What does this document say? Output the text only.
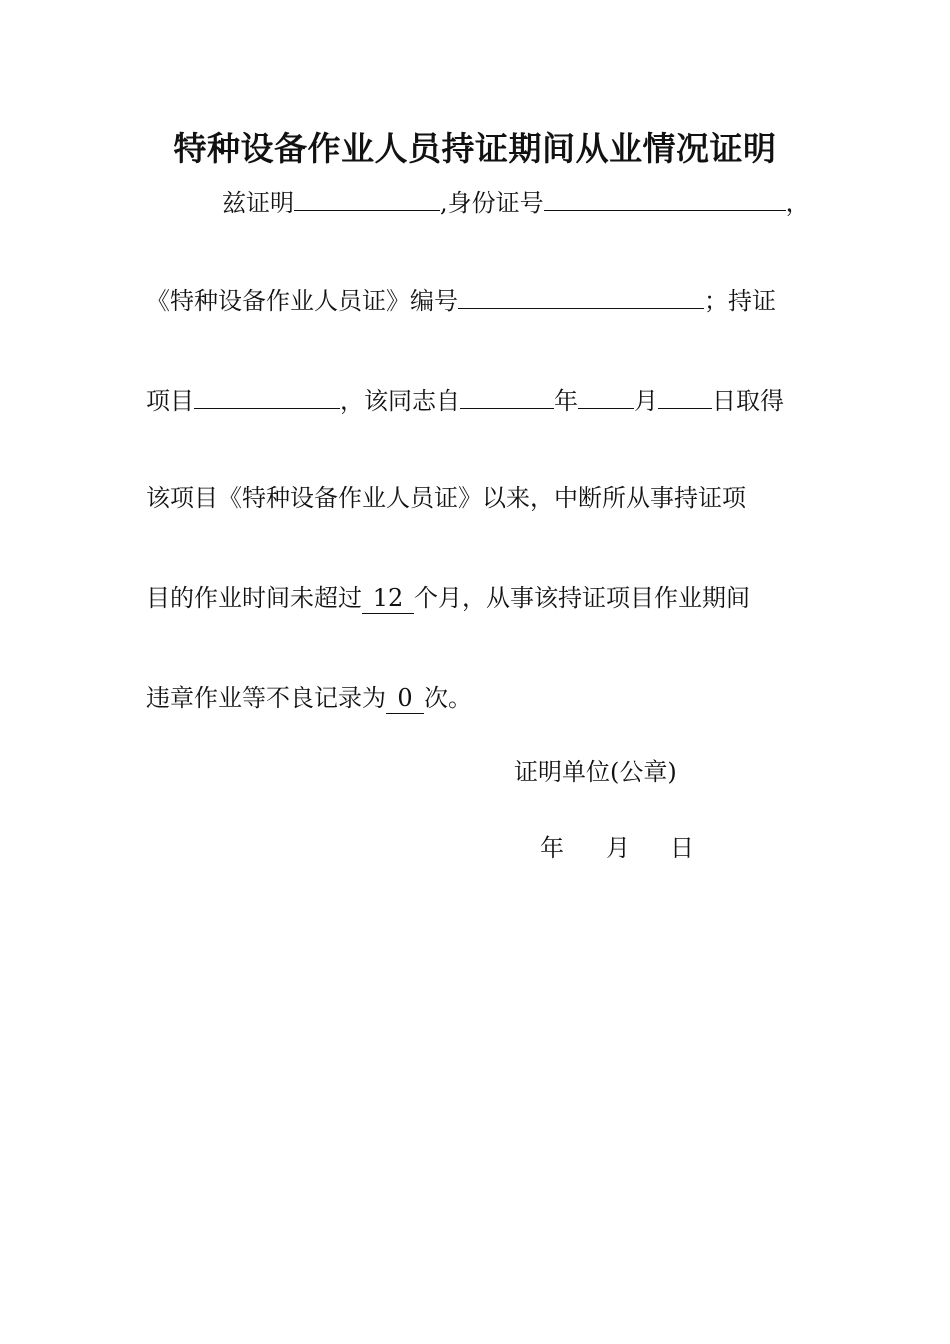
特种设备作业人员持证期间从业情况证明
兹证明	,身份证号	，
《特种设备作业人员证》编号	；持证
项目	，该同志自	年 月 日取得
该项目《特种设备作业人员证》以来，中断所从事持证项
目的作业时间未超过 12 个月，从事该持证项目作业期间
违章作业等不良记录为 0 次。
证明单位(公章)
年 月 日
